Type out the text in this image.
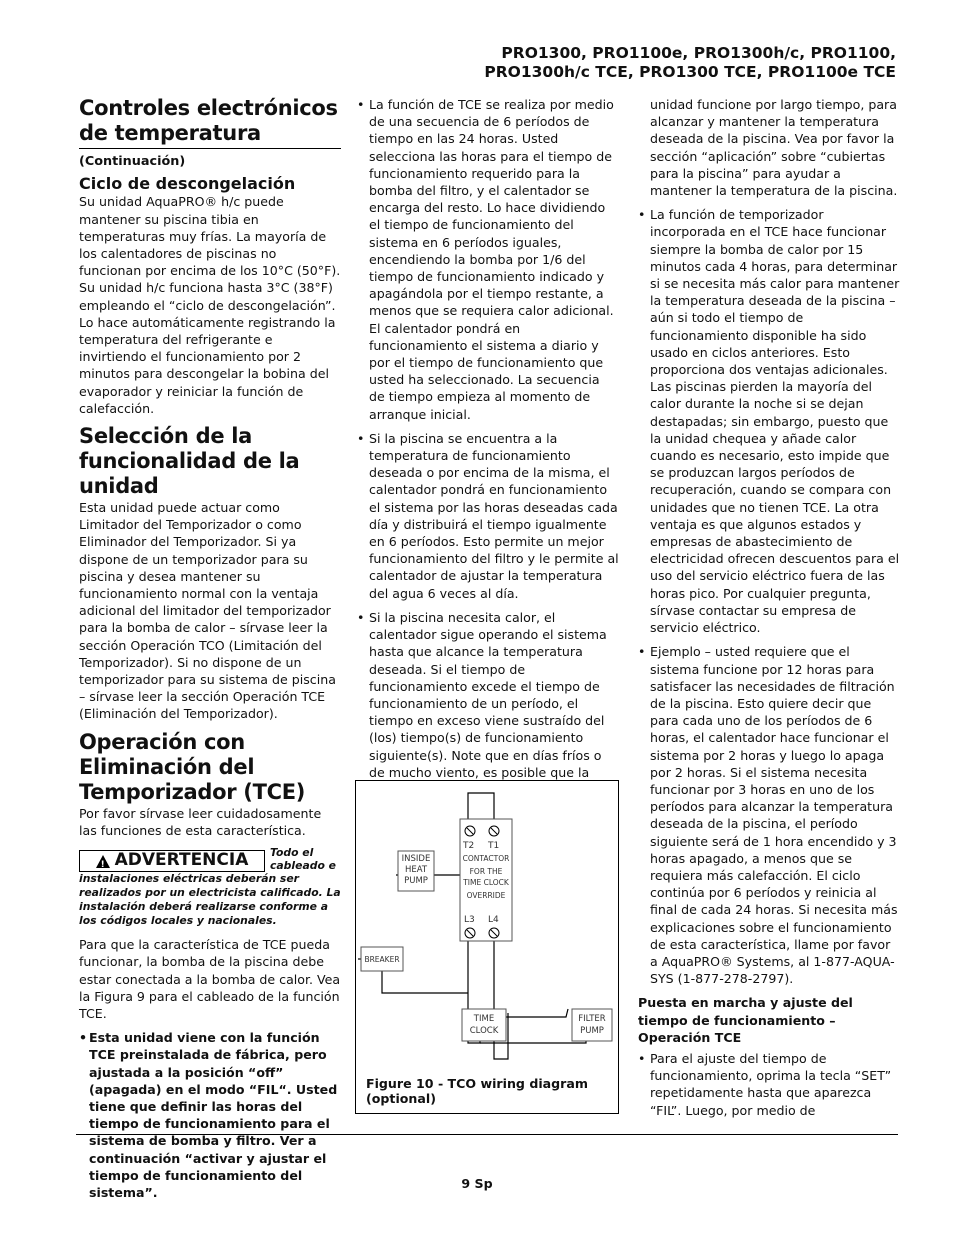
PRO1300, PRO1100e, PRO1300h/c, PRO1100,
PRO1300h/c TCE, PRO1300 TCE, PRO1100e TCE
Controles electrónicos
de temperatura
(Continuación)
Ciclo de descongelación

Su unidad AquaPRO® h/c puede mantener su piscina tibia en temperaturas muy frías. La mayoría de los calentadores de piscinas no funcionan por encima de los 10°C (50°F). Su unidad h/c funciona hasta 3°C (38°F) empleando el “ciclo de descongelación”. Lo hace automáticamente registrando la temperatura del refrigerante e invirtiendo el funcionamiento por 2 minutos para descongelar la bobina del evaporador y reiniciar la función de calefacción.

Selección de la funcionalidad de la unidad

Esta unidad puede actuar como Limitador del Temporizador o como Eliminador del Temporizador. Si ya dispone de un temporizador para su piscina y desea mantener su funcionamiento normal con la ventaja adicional del limitador del temporizador para la bomba de calor – sírvase leer la sección Operación TCO (Limitación del Temporizador). Si no dispone de un temporizador para su sistema de piscina – sírvase leer la sección Operación TCE (Eliminación del Temporizador).

Operación con Eliminación del Temporizador (TCE)

Por favor sírvase leer cuidadosamente las funciones de esta característica.

!
ADVERTENCIA Todo el cableado e

instalaciones eléctricas deberán ser realizados por un electricista calificado. La instalación deberá realizarse conforme a los códigos locales y nacionales.

Para que la característica de TCE pueda funcionar, la bomba de la piscina debe estar conectada a la bomba de calor. Vea la Figura 9 para el cableado de la función TCE.

• Esta unidad viene con la función TCE preinstalada de fábrica, pero ajustada a la posición “off” (apagada) en el modo “FIL“. Usted tiene que definir las horas del tiempo de funcionamiento para el sistema de bomba y filtro. Ver a continuación “activar y ajustar el tiempo de funcionamiento del sistema”.
• La función de TCE se realiza por medio de una secuencia de 6 períodos de tiempo en las 24 horas. Usted selecciona las horas para el tiempo de funcionamiento requerido para la bomba del filtro, y el calentador se encarga del resto. Lo hace dividiendo el tiempo de funcionamiento del sistema en 6 períodos iguales, encendiendo la bomba por 1/6 del tiempo de funcionamiento indicado y apagándola por el tiempo restante, a menos que se requiera calor adicional. El calentador pondrá en funcionamiento el sistema a diario y por el tiempo de funcionamiento que usted ha seleccionado. La secuencia de tiempo empieza al momento de arranque inicial.
• Si la piscina se encuentra a la temperatura de funcionamiento deseada o por encima de la misma, el calentador pondrá en funcionamiento el sistema por las horas deseadas cada día y distribuirá el tiempo igualmente en 6 períodos. Esto permite un mejor funcionamiento del filtro y le permite al calentador de ajustar la temperatura del agua 6 veces al día.
• Si la piscina necesita calor, el calentador sigue operando el sistema hasta que alcance la temperatura deseada. Si el tiempo de funcionamiento excede el tiempo de funcionamiento de un período, el tiempo en exceso viene sustraído del (los) tiempo(s) de funcionamiento siguiente(s). Note que en días fríos o de mucho viento, es posible que la
T2 T1
CONTACTOR
FOR THE
TIME CLOCK
OVERRIDE
L3 L4
INSIDE
HEAT
PUMP
BREAKER
TIME
CLOCK
FILTER
PUMP
Figure 10 - TCO wiring diagram (optional)

unidad funcione por largo tiempo, para alcanzar y mantener la temperatura deseada de la piscina. Vea por favor la sección “aplicación” sobre “cubiertas para la piscina” para ayudar a mantener la temperatura de la piscina.

• La función de temporizador incorporada en el TCE hace funcionar siempre la bomba de calor por 15 minutos cada 4 horas, para determinar si se necesita más calor para mantener la temperatura deseada de la piscina – aún si todo el tiempo de funcionamiento disponible ha sido usado en ciclos anteriores. Esto proporciona dos ventajas adicionales. Las piscinas pierden la mayoría del calor durante la noche si se dejan destapadas; sin embargo, puesto que la unidad chequea y añade calor cuando es necesario, esto impide que se produzcan largos períodos de recuperación, cuando se compara con unidades que no tienen TCE. La otra ventaja es que algunos estados y empresas de abastecimiento de electricidad ofrecen descuentos para el uso del servicio eléctrico fuera de las horas pico. Por cualquier pregunta, sírvase contactar su empresa de servicio eléctrico.
• Ejemplo – usted requiere que el sistema funcione por 12 horas para satisfacer las necesidades de filtración de la piscina. Esto quiere decir que para cada uno de los períodos de 6 horas, el calentador hace funcionar el sistema por 2 horas y luego lo apaga por 2 horas. Si el sistema necesita funcionar por 3 horas en uno de los períodos para alcanzar la temperatura deseada de la piscina, el período siguiente será de 1 hora encendido y 3 horas apagado, a menos que se requiera más calefacción. El ciclo continúa por 6 períodos y reinicia al final de cada 24 horas. Si necesita más explicaciones sobre el funcionamiento de esta característica, llame por favor a AquaPRO® Systems, al 1-877-AQUA-SYS (1-877-278-2797).

Puesta en marcha y ajuste del tiempo de funcionamiento – Operación TCE

• Para el ajuste del tiempo de funcionamiento, oprima la tecla “SET” repetidamente hasta que aparezca “FIL”. Luego, por medio de
9 Sp
